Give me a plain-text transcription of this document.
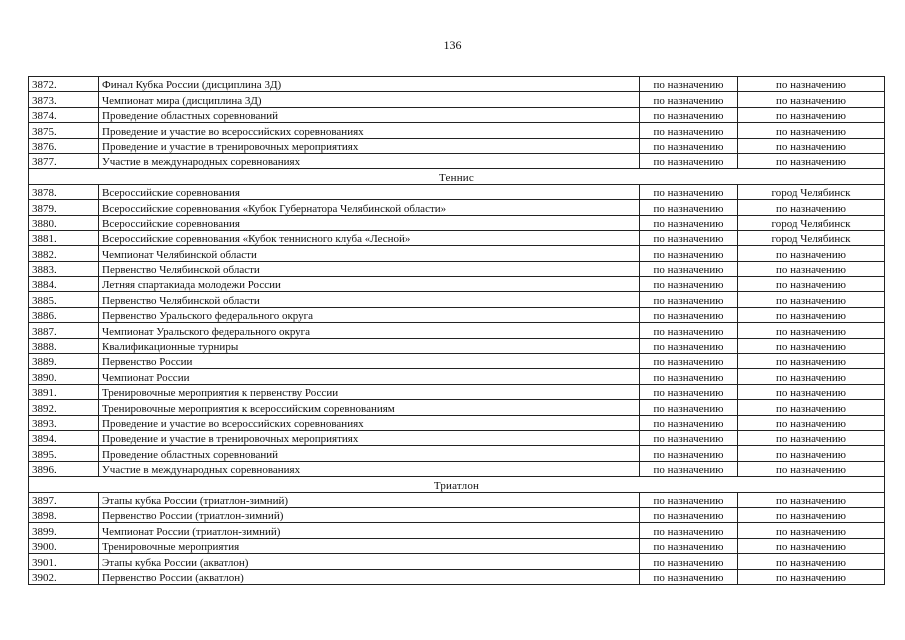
136
3872.	Финал Кубка России (дисциплина 3Д)	по назначению	по назначению
3873.	Чемпионат мира (дисциплина 3Д)	по назначению	по назначению
3874.	Проведение областных соревнований	по назначению	по назначению
3875.	Проведение и участие во всероссийских соревнованиях	по назначению	по назначению
3876.	Проведение и участие в тренировочных мероприятиях	по назначению	по назначению
3877.	Участие в международных соревнованиях	по назначению	по назначению
Теннис			
3878.	Всероссийские соревнования	по назначению	город Челябинск
3879.	Всероссийские соревнования «Кубок Губернатора Челябинской области»	по назначению	по назначению
3880.	Всероссийские соревнования	по назначению	город Челябинск
3881.	Всероссийские соревнования «Кубок теннисного клуба «Лесной»	по назначению	город Челябинск
3882.	Чемпионат Челябинской области	по назначению	по назначению
3883.	Первенство Челябинской области	по назначению	по назначению
3884.	Летняя спартакиада молодежи России	по назначению	по назначению
3885.	Первенство Челябинской области	по назначению	по назначению
3886.	Первенство Уральского федерального округа	по назначению	по назначению
3887.	Чемпионат Уральского федерального округа	по назначению	по назначению
3888.	Квалификационные турниры	по назначению	по назначению
3889.	Первенство России	по назначению	по назначению
3890.	Чемпионат России	по назначению	по назначению
3891.	Тренировочные мероприятия к первенству России	по назначению	по назначению
3892.	Тренировочные мероприятия к всероссийским соревнованиям	по назначению	по назначению
3893.	Проведение и участие во всероссийских соревнованиях	по назначению	по назначению
3894.	Проведение и участие в тренировочных мероприятиях	по назначению	по назначению
3895.	Проведение областных соревнований	по назначению	по назначению
3896.	Участие в международных соревнованиях	по назначению	по назначению
Триатлон			
3897.	Этапы кубка России (триатлон-зимний)	по назначению	по назначению
3898.	Первенство России (триатлон-зимний)	по назначению	по назначению
3899.	Чемпионат России (триатлон-зимний)	по назначению	по назначению
3900.	Тренировочные мероприятия	по назначению	по назначению
3901.	Этапы кубка России (акватлон)	по назначению	по назначению
3902.	Первенство России (акватлон)	по назначению	по назначению
